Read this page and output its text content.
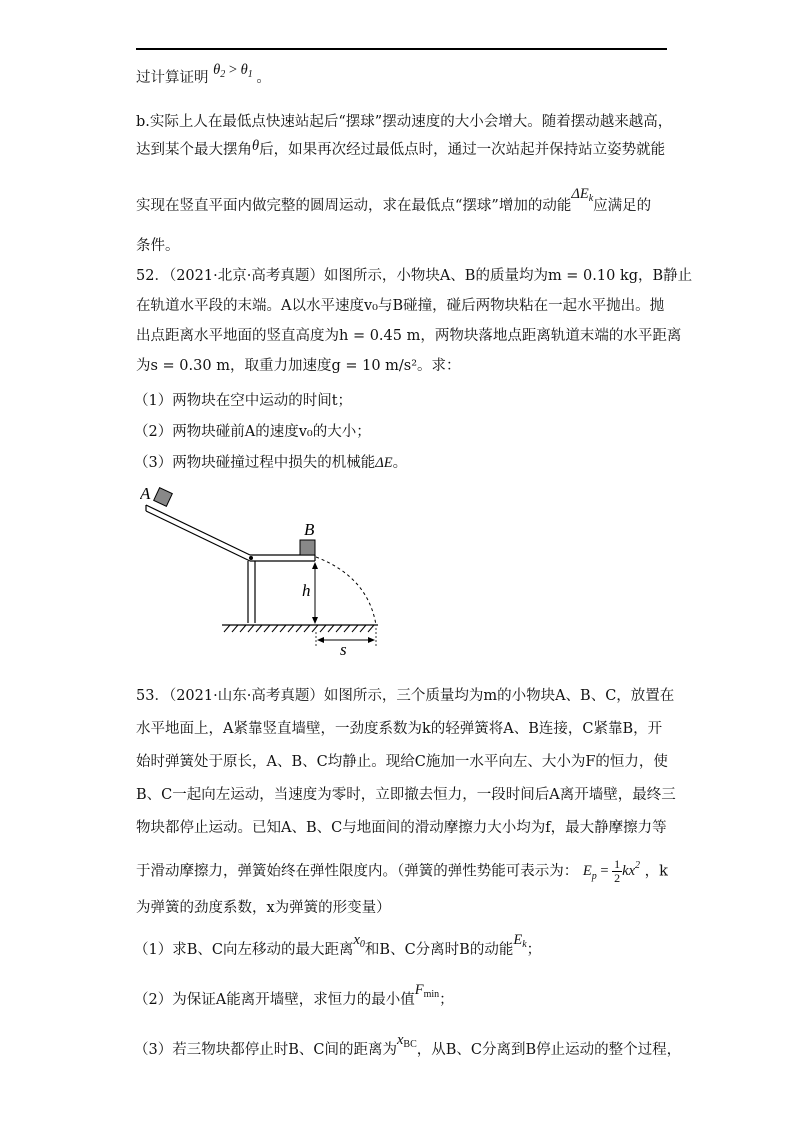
过计算证明 $\theta_2 > \theta_1$ 。
b.实际上人在最低点快速站起后“摆球”摆动速度的大小会增大。随着摆动越来越高，
达到某个最大摆角θ后，如果再次经过最低点时，通过一次站起并保持站立姿势就能
实现在竖直平面内做完整的圆周运动，求在最低点“摆球”增加的动能$\Delta E_k$应满足的
条件。
52．（2021·北京·高考真题）如图所示，小物块A、B的质量均为m = 0.10 kg，B静止
在轨道水平段的末端。A以水平速度v₀与B碰撞，碰后两物块粘在一起水平抛出。抛
出点距离水平地面的竖直高度为h = 0.45 m，两物块落地点距离轨道末端的水平距离
为s = 0.30 m，取重力加速度g = 10 m/s²。求：
（1）两物块在空中运动的时间t；
（2）两物块碰前A的速度v₀的大小；
（3）两物块碰撞过程中损失的机械能ΔE。
A
B
h
s
53．（2021·山东·高考真题）如图所示，三个质量均为m的小物块A、B、C，放置在
水平地面上，A紧靠竖直墙壁，一劲度系数为k的轻弹簧将A、B连接，C紧靠B，开
始时弹簧处于原长，A、B、C均静止。现给C施加一水平向左、大小为F的恒力，使
B、C一起向左运动，当速度为零时，立即撤去恒力，一段时间后A离开墙壁，最终三
物块都停止运动。已知A、B、C与地面间的滑动摩擦力大小均为f，最大静摩擦力等
于滑动摩擦力，弹簧始终在弹性限度内。（弹簧的弹性势能可表示为： $E_p = \frac{1}{2} kx^2$ ，k
为弹簧的劲度系数，x为弹簧的形变量）
（1）求B、C向左移动的最大距离$x_0$和B、C分离时B的动能$E_k$；
（2）为保证A能离开墙壁，求恒力的最小值$F_{min}$；
（3）若三物块都停止时B、C间的距离为$x_{BC}$，从B、C分离到B停止运动的整个过程，
